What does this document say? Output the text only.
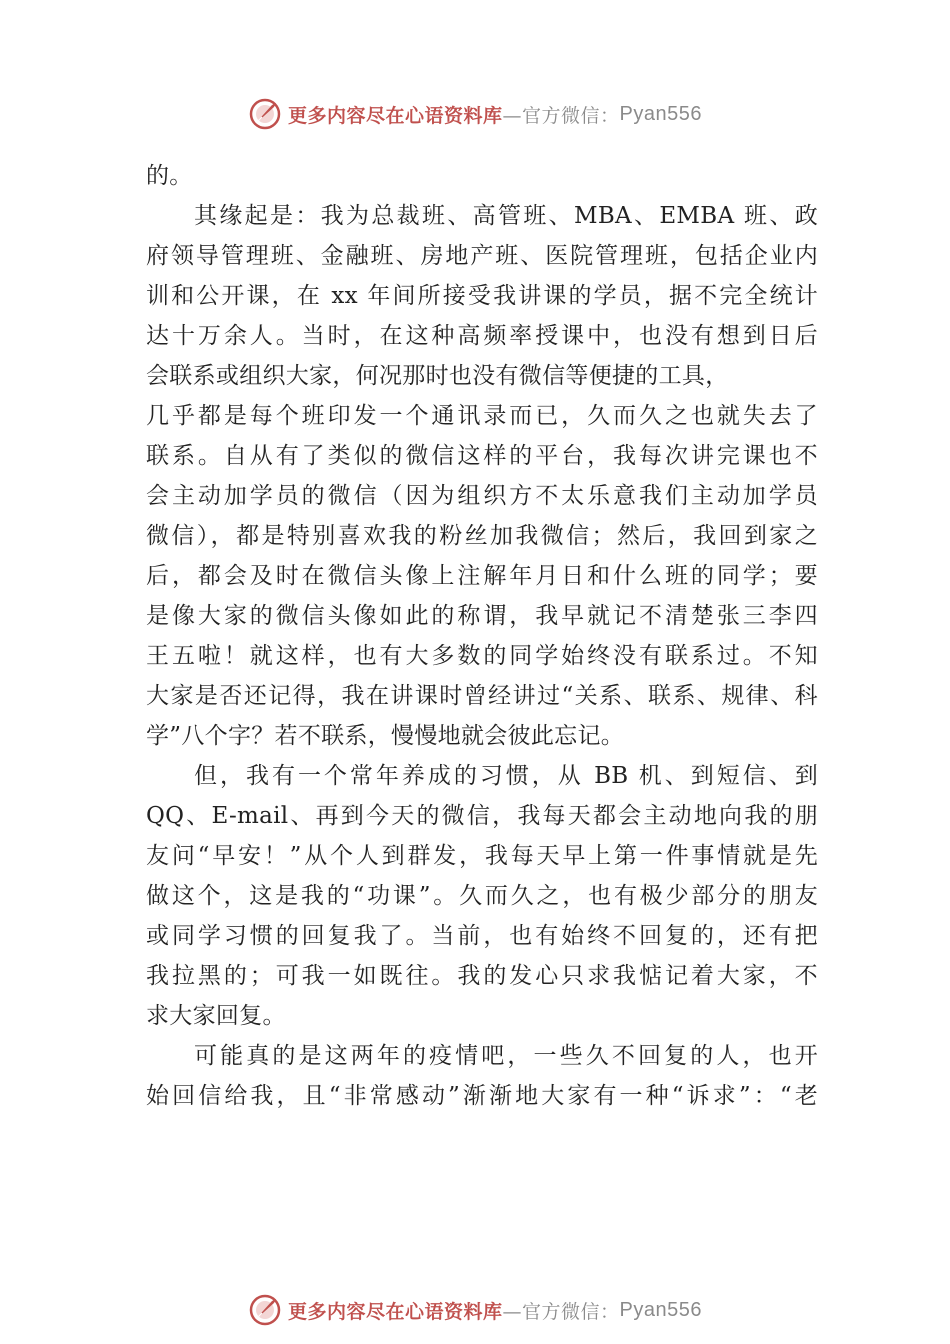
更多内容尽在心语资料库 —官方微信： Pyan556
的。
其缘起是：我为总裁班、高管班、MBA、EMBA 班、政
府领导管理班、金融班、房地产班、医院管理班，包括企业内
训和公开课，在 xx 年间所接受我讲课的学员，据不完全统计
达十万余人。当时，在这种高频率授课中，也没有想到日后
会联系或组织大家，何况那时也没有微信等便捷的工具，
几乎都是每个班印发一个通讯录而已，久而久之也就失去了
联系。自从有了类似的微信这样的平台，我每次讲完课也不
会主动加学员的微信（因为组织方不太乐意我们主动加学员
微信），都是特别喜欢我的粉丝加我微信；然后，我回到家之
后，都会及时在微信头像上注解年月日和什么班的同学；要
是像大家的微信头像如此的称谓，我早就记不清楚张三李四
王五啦！就这样，也有大多数的同学始终没有联系过。不知
大家是否还记得，我在讲课时曾经讲过“关系、联系、规律、科
学”八个字？若不联系，慢慢地就会彼此忘记。
但，我有一个常年养成的习惯，从 BB 机、到短信、到
QQ、E-mail、再到今天的微信，我每天都会主动地向我的朋
友问“早安！”从个人到群发，我每天早上第一件事情就是先
做这个，这是我的“功课”。久而久之，也有极少部分的朋友
或同学习惯的回复我了。当前，也有始终不回复的，还有把
我拉黑的；可我一如既往。我的发心只求我惦记着大家，不
求大家回复。
可能真的是这两年的疫情吧，一些久不回复的人，也开
始回信给我，且“非常感动”渐渐地大家有一种“诉求”：“老
更多内容尽在心语资料库 —官方微信： Pyan556
